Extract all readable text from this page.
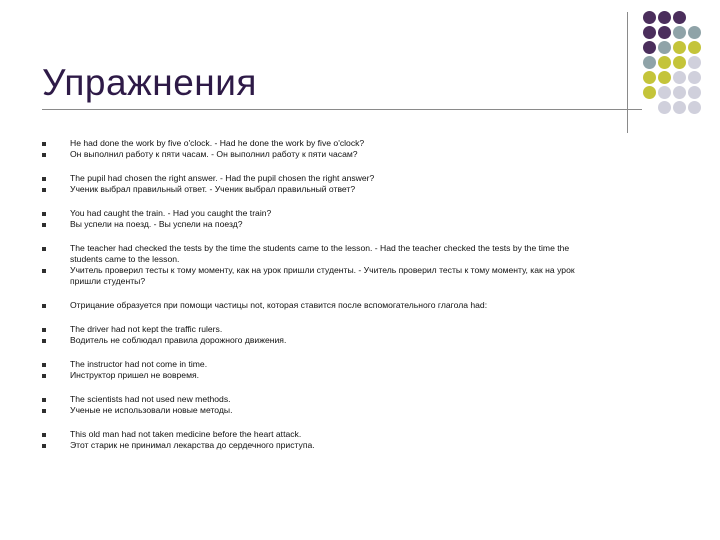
Упражнения
He had done the work by five o'clock. - Had he done the work by five o'clock?
Он выполнил работу к пяти часам. - Он выполнил работу к пяти часам?
The pupil had chosen the right answer. - Had the pupil chosen the right answer?
Ученик выбрал правильный ответ. - Ученик выбрал правильный ответ?
You had caught the train. - Had you caught the train?
Вы успели на поезд. - Вы успели на поезд?
The teacher had checked the tests by the time the students came to the lesson. - Had the teacher checked the tests by the time the
students came to the lesson.
Учитель проверил тесты к тому моменту, как на урок пришли студенты. - Учитель проверил тесты к тому моменту, как на урок
пришли студенты?
Отрицание образуется при помощи частицы not, которая ставится после вспомогательного глагола had:
The driver had not kept the traffic rulers.
Водитель не соблюдал правила дорожного движения.
The instructor had not come in time.
Инструктор пришел не вовремя.
The scientists had not used new methods.
Ученые не использовали новые методы.
This old man had not taken medicine before the heart attack.
Этот старик не принимал лекарства до сердечного приступа.
